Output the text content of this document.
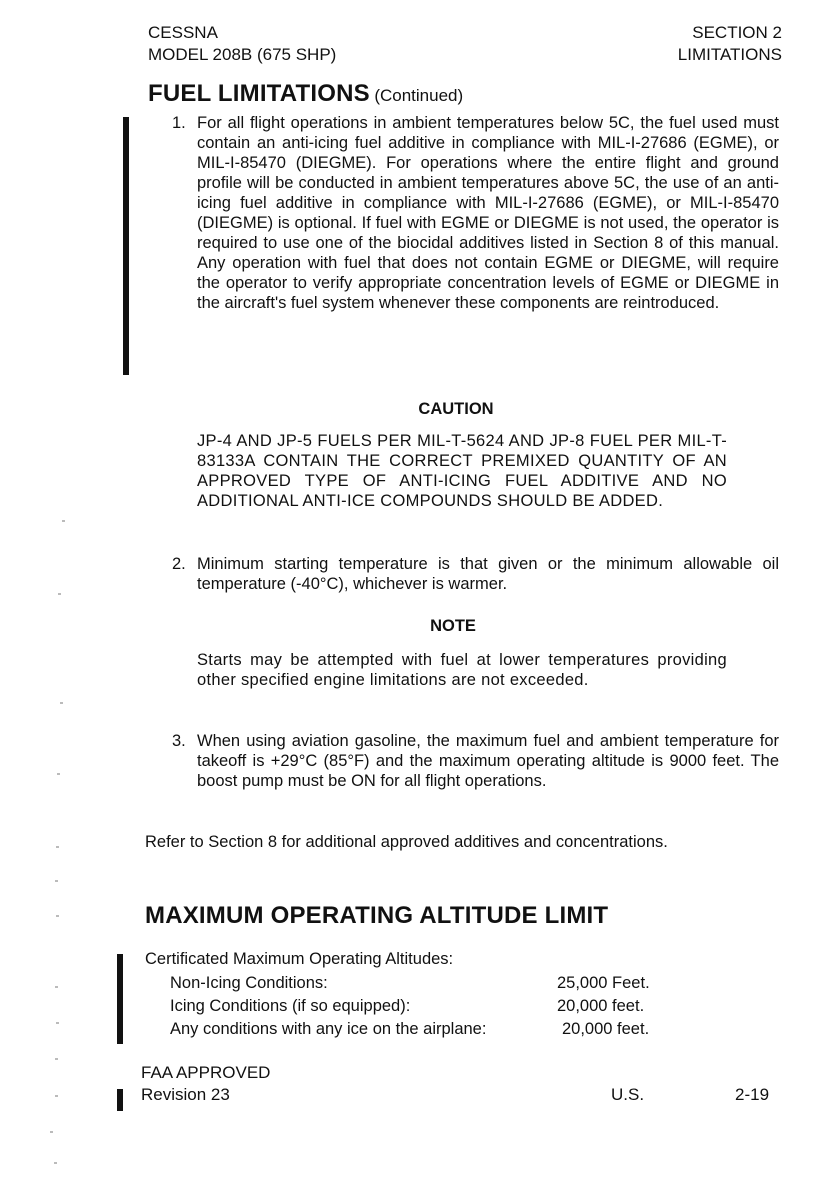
CESSNA
MODEL 208B (675 SHP)
SECTION 2
LIMITATIONS
FUEL LIMITATIONS (Continued)
1. For all flight operations in ambient temperatures below 5C, the fuel used must contain an anti-icing fuel additive in compliance with MIL-I-27686 (EGME), or MIL-I-85470 (DIEGME). For operations where the entire flight and ground profile will be conducted in ambient temperatures above 5C, the use of an anti-icing fuel additive in compliance with MIL-I-27686 (EGME), or MIL-I-85470 (DIEGME) is optional. If fuel with EGME or DIEGME is not used, the operator is required to use one of the biocidal additives listed in Section 8 of this manual. Any operation with fuel that does not contain EGME or DIEGME, will require the operator to verify appropriate concentration levels of EGME or DIEGME in the aircraft's fuel system whenever these components are reintroduced.
CAUTION
JP-4 AND JP-5 FUELS PER MIL-T-5624 AND JP-8 FUEL PER MIL-T-83133A CONTAIN THE CORRECT PREMIXED QUANTITY OF AN APPROVED TYPE OF ANTI-ICING FUEL ADDITIVE AND NO ADDITIONAL ANTI-ICE COMPOUNDS SHOULD BE ADDED.
2. Minimum starting temperature is that given or the minimum allowable oil temperature (-40°C), whichever is warmer.
NOTE
Starts may be attempted with fuel at lower temperatures providing other specified engine limitations are not exceeded.
3. When using aviation gasoline, the maximum fuel and ambient temperature for takeoff is +29°C (85°F) and the maximum operating altitude is 9000 feet. The boost pump must be ON for all flight operations.
Refer to Section 8 for additional approved additives and concentrations.
MAXIMUM OPERATING ALTITUDE LIMIT
Certificated Maximum Operating Altitudes:
Non-Icing Conditions:	25,000 Feet.
Icing Conditions (if so equipped):	20,000 feet.
Any conditions with any ice on the airplane:	20,000 feet.
FAA APPROVED
Revision 23	U.S.	2-19
